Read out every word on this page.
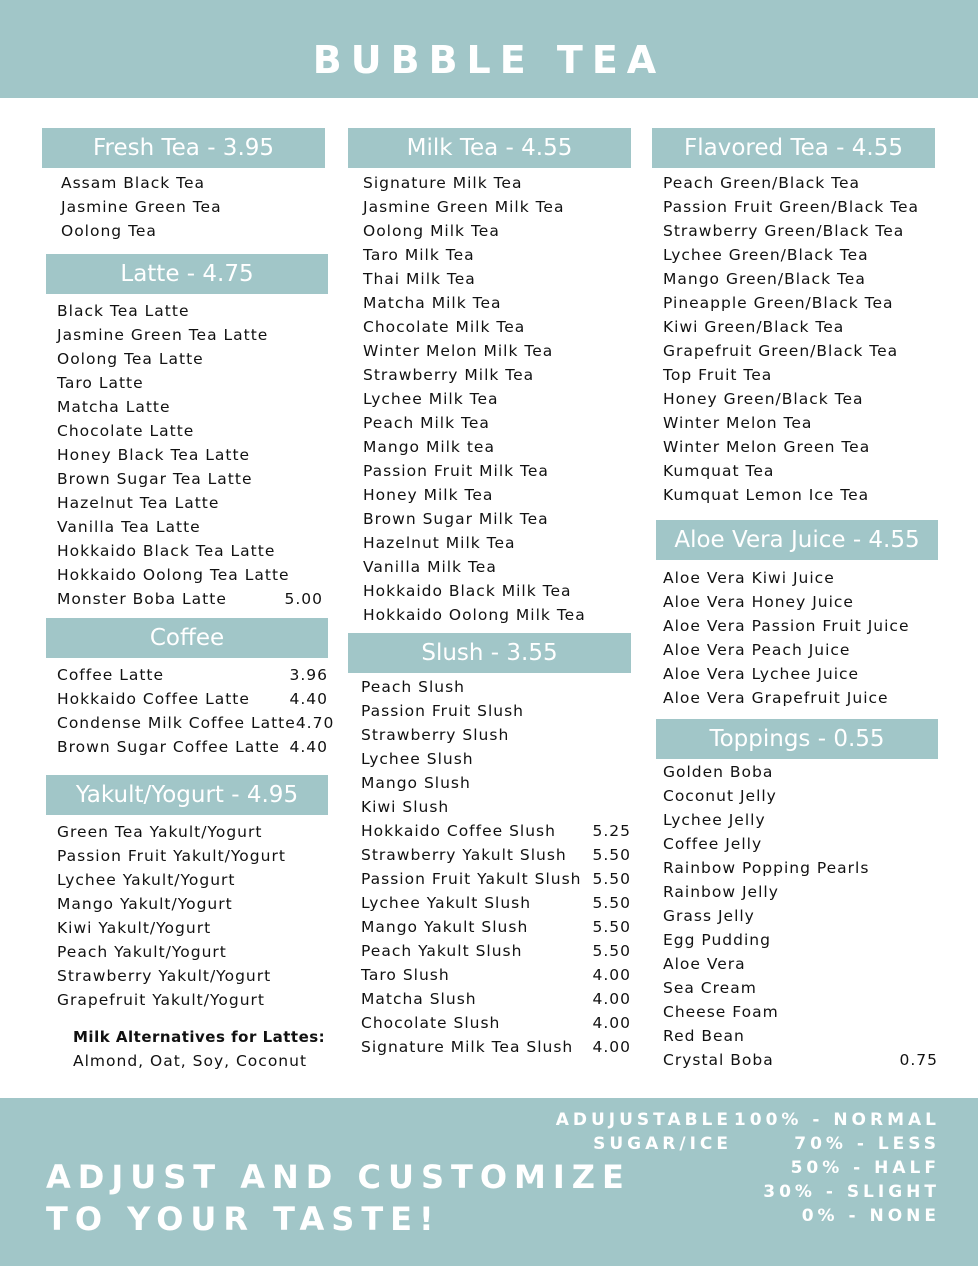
BUBBLE TEA
Fresh Tea - 3.95
Assam Black Tea
Jasmine Green Tea
Oolong Tea
Latte - 4.75
Black Tea Latte
Jasmine Green Tea Latte
Oolong Tea Latte
Taro Latte
Matcha Latte
Chocolate Latte
Honey Black Tea Latte
Brown Sugar Tea Latte
Hazelnut Tea Latte
Vanilla Tea Latte
Hokkaido Black Tea Latte
Hokkaido Oolong Tea Latte
Monster Boba Latte	5.00
Coffee
Coffee Latte	3.96
Hokkaido Coffee Latte	4.40
Condense Milk Coffee Latte 4.70
Brown Sugar Coffee Latte 4.40
Yakult/Yogurt - 4.95
Green Tea Yakult/Yogurt
Passion Fruit Yakult/Yogurt
Lychee Yakult/Yogurt
Mango Yakult/Yogurt
Kiwi Yakult/Yogurt
Peach Yakult/Yogurt
Strawberry Yakult/Yogurt
Grapefruit Yakult/Yogurt
Milk Alternatives for Lattes:
Almond, Oat, Soy, Coconut
Milk Tea - 4.55
Signature Milk Tea
Jasmine Green Milk Tea
Oolong Milk Tea
Taro Milk Tea
Thai Milk Tea
Matcha Milk Tea
Chocolate Milk Tea
Winter Melon Milk Tea
Strawberry Milk Tea
Lychee Milk Tea
Peach Milk Tea
Mango Milk tea
Passion Fruit Milk Tea
Honey Milk Tea
Brown Sugar Milk Tea
Hazelnut Milk Tea
Vanilla Milk Tea
Hokkaido Black Milk Tea
Hokkaido Oolong Milk Tea
Slush - 3.55
Peach Slush
Passion Fruit Slush
Strawberry Slush
Lychee Slush
Mango Slush
Kiwi Slush
Hokkaido Coffee Slush 5.25
Strawberry Yakult Slush 5.50
Passion Fruit Yakult Slush 5.50
Lychee Yakult Slush	5.50
Mango Yakult Slush	5.50
Peach Yakult Slush	5.50
Taro Slush	4.00
Matcha Slush	4.00
Chocolate Slush	4.00
Signature Milk Tea Slush 4.00
Flavored Tea - 4.55
Peach Green/Black Tea
Passion Fruit Green/Black Tea
Strawberry Green/Black Tea
Lychee Green/Black Tea
Mango Green/Black Tea
Pineapple Green/Black Tea
Kiwi Green/Black Tea
Grapefruit Green/Black Tea
Top Fruit Tea
Honey Green/Black Tea
Winter Melon Tea
Winter Melon Green Tea
Kumquat Tea
Kumquat Lemon Ice Tea
Aloe Vera Juice - 4.55
Aloe Vera Kiwi Juice
Aloe Vera Honey Juice
Aloe Vera Passion Fruit Juice
Aloe Vera Peach Juice
Aloe Vera Lychee Juice
Aloe Vera Grapefruit Juice
Toppings - 0.55
Golden Boba
Coconut Jelly
Lychee Jelly
Coffee Jelly
Rainbow Popping Pearls
Rainbow Jelly
Grass Jelly
Egg Pudding
Aloe Vera
Sea Cream
Cheese Foam
Red Bean
Crystal Boba	0.75
ADUJUSTABLE
SUGAR/ICE
100% - NORMAL
70% - LESS
50% - HALF
30% - SLIGHT
0% - NONE
ADJUST AND CUSTOMIZE
TO YOUR TASTE!
